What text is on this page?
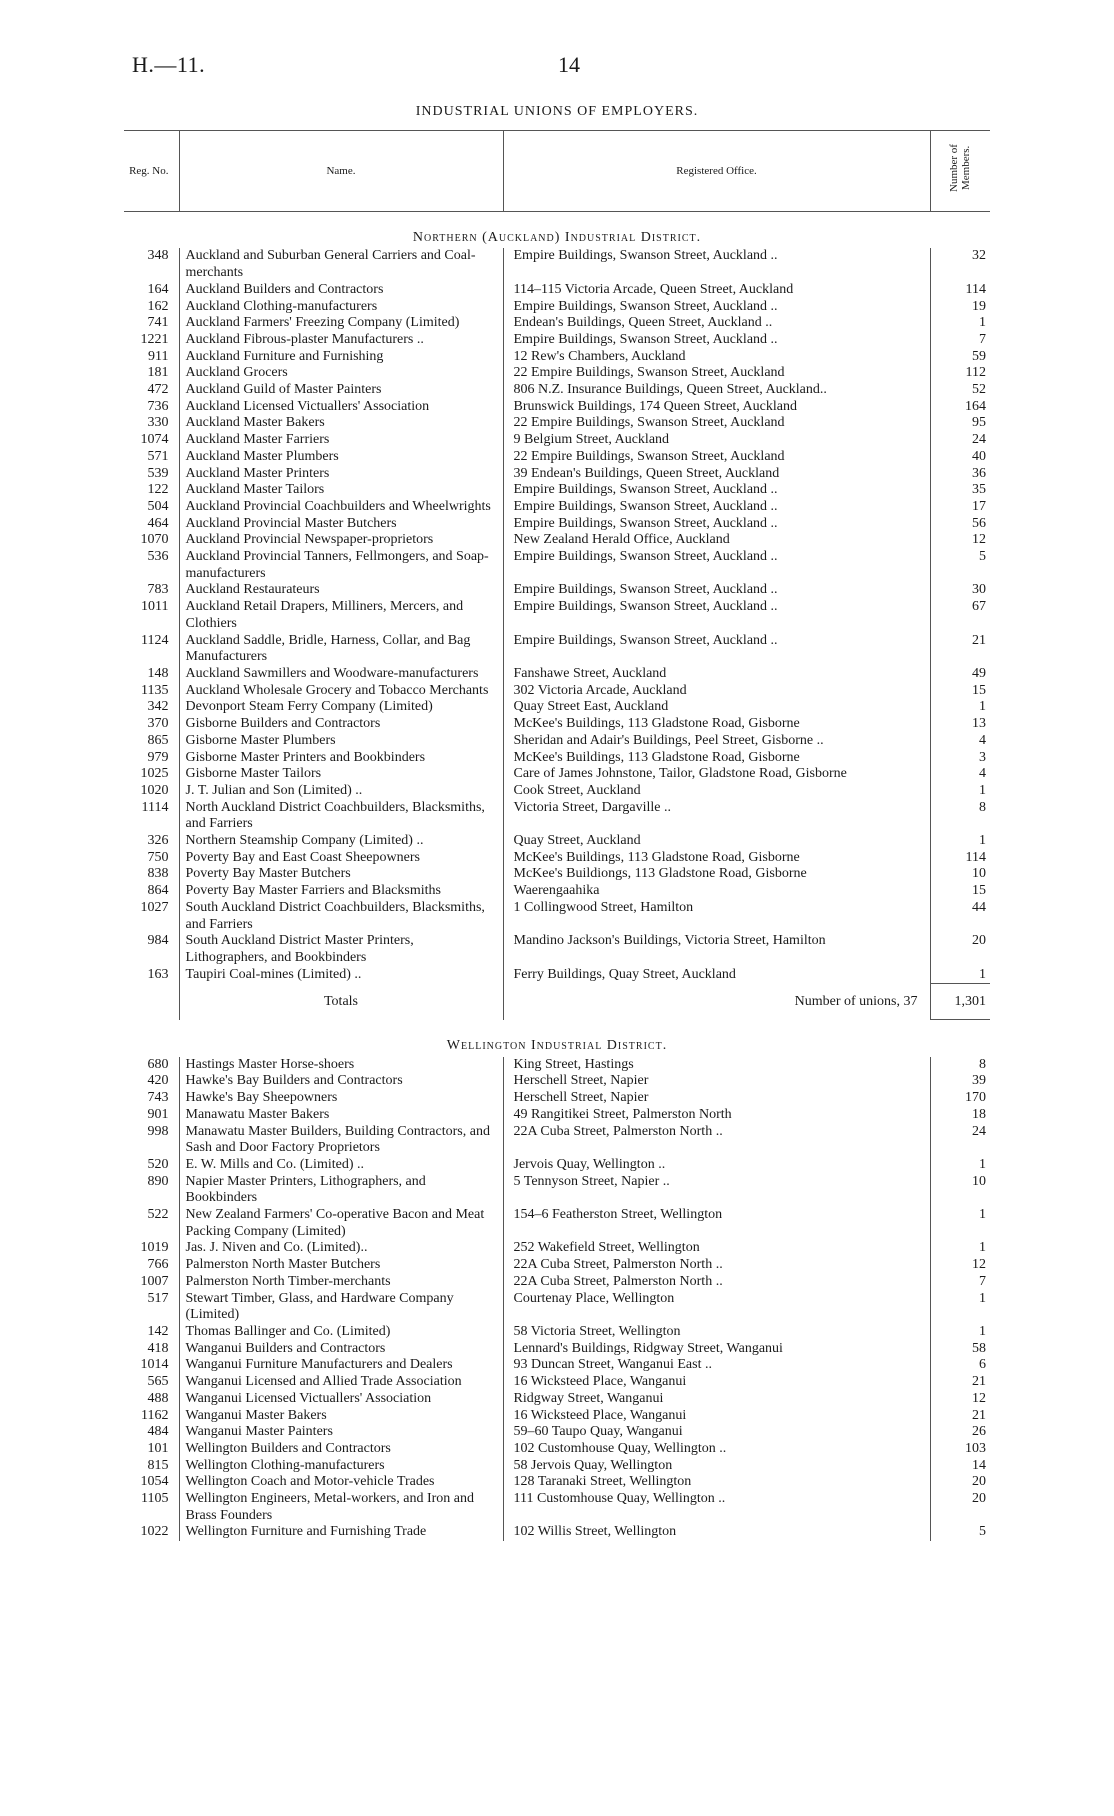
H.—11.	14
INDUSTRIAL UNIONS OF EMPLOYERS.
Reg. No.	Name.	Registered Office.	Number of Members.
Northern (Auckland) Industrial District.			
348	Auckland and Suburban General Carriers and Coal-merchants	Empire Buildings, Swanson Street, Auckland ..	32
164	Auckland Builders and Contractors	114–115 Victoria Arcade, Queen Street, Auckland	114
162	Auckland Clothing-manufacturers	Empire Buildings, Swanson Street, Auckland ..	19
741	Auckland Farmers' Freezing Company (Limited)	Endean's Buildings, Queen Street, Auckland ..	1
1221	Auckland Fibrous-plaster Manufacturers ..	Empire Buildings, Swanson Street, Auckland ..	7
911	Auckland Furniture and Furnishing	12 Rew's Chambers, Auckland	59
181	Auckland Grocers	22 Empire Buildings, Swanson Street, Auckland	112
472	Auckland Guild of Master Painters	806 N.Z. Insurance Buildings, Queen Street, Auckland..	52
736	Auckland Licensed Victuallers' Association	Brunswick Buildings, 174 Queen Street, Auckland	164
330	Auckland Master Bakers	22 Empire Buildings, Swanson Street, Auckland	95
1074	Auckland Master Farriers	9 Belgium Street, Auckland	24
571	Auckland Master Plumbers	22 Empire Buildings, Swanson Street, Auckland	40
539	Auckland Master Printers	39 Endean's Buildings, Queen Street, Auckland	36
122	Auckland Master Tailors	Empire Buildings, Swanson Street, Auckland ..	35
504	Auckland Provincial Coachbuilders and Wheelwrights	Empire Buildings, Swanson Street, Auckland ..	17
464	Auckland Provincial Master Butchers	Empire Buildings, Swanson Street, Auckland ..	56
1070	Auckland Provincial Newspaper-proprietors	New Zealand Herald Office, Auckland	12
536	Auckland Provincial Tanners, Fellmongers, and Soap-manufacturers	Empire Buildings, Swanson Street, Auckland ..	5
783	Auckland Restaurateurs	Empire Buildings, Swanson Street, Auckland ..	30
1011	Auckland Retail Drapers, Milliners, Mercers, and Clothiers	Empire Buildings, Swanson Street, Auckland ..	67
1124	Auckland Saddle, Bridle, Harness, Collar, and Bag Manufacturers	Empire Buildings, Swanson Street, Auckland ..	21
148	Auckland Sawmillers and Woodware-manufacturers	Fanshawe Street, Auckland	49
1135	Auckland Wholesale Grocery and Tobacco Merchants	302 Victoria Arcade, Auckland	15
342	Devonport Steam Ferry Company (Limited)	Quay Street East, Auckland	1
370	Gisborne Builders and Contractors	McKee's Buildings, 113 Gladstone Road, Gisborne	13
865	Gisborne Master Plumbers	Sheridan and Adair's Buildings, Peel Street, Gisborne ..	4
979	Gisborne Master Printers and Bookbinders	McKee's Buildings, 113 Gladstone Road, Gisborne	3
1025	Gisborne Master Tailors	Care of James Johnstone, Tailor, Gladstone Road, Gisborne	4
1020	J. T. Julian and Son (Limited) ..	Cook Street, Auckland	1
1114	North Auckland District Coachbuilders, Blacksmiths, and Farriers	Victoria Street, Dargaville ..	8
326	Northern Steamship Company (Limited) ..	Quay Street, Auckland	1
750	Poverty Bay and East Coast Sheepowners	McKee's Buildings, 113 Gladstone Road, Gisborne	114
838	Poverty Bay Master Butchers	McKee's Buildiongs, 113 Gladstone Road, Gisborne	10
864	Poverty Bay Master Farriers and Blacksmiths	Waerengaahika	15
1027	South Auckland District Coachbuilders, Blacksmiths, and Farriers	1 Collingwood Street, Hamilton	44
984	South Auckland District Master Printers, Lithographers, and Bookbinders	Mandino Jackson's Buildings, Victoria Street, Hamilton	20
163	Taupiri Coal-mines (Limited) ..	Ferry Buildings, Quay Street, Auckland	1
	Totals	Number of unions, 37	1,301
Wellington Industrial District.			
680	Hastings Master Horse-shoers	King Street, Hastings	8
420	Hawke's Bay Builders and Contractors	Herschell Street, Napier	39
743	Hawke's Bay Sheepowners	Herschell Street, Napier	170
901	Manawatu Master Bakers	49 Rangitikei Street, Palmerston North	18
998	Manawatu Master Builders, Building Contractors, and Sash and Door Factory Proprietors	22A Cuba Street, Palmerston North ..	24
520	E. W. Mills and Co. (Limited) ..	Jervois Quay, Wellington ..	1
890	Napier Master Printers, Lithographers, and Bookbinders	5 Tennyson Street, Napier ..	10
522	New Zealand Farmers' Co-operative Bacon and Meat Packing Company (Limited)	154–6 Featherston Street, Wellington	1
1019	Jas. J. Niven and Co. (Limited)..	252 Wakefield Street, Wellington	1
766	Palmerston North Master Butchers	22A Cuba Street, Palmerston North ..	12
1007	Palmerston North Timber-merchants	22A Cuba Street, Palmerston North ..	7
517	Stewart Timber, Glass, and Hardware Company (Limited)	Courtenay Place, Wellington	1
142	Thomas Ballinger and Co. (Limited)	58 Victoria Street, Wellington	1
418	Wanganui Builders and Contractors	Lennard's Buildings, Ridgway Street, Wanganui	58
1014	Wanganui Furniture Manufacturers and Dealers	93 Duncan Street, Wanganui East ..	6
565	Wanganui Licensed and Allied Trade Association	16 Wicksteed Place, Wanganui	21
488	Wanganui Licensed Victuallers' Association	Ridgway Street, Wanganui	12
1162	Wanganui Master Bakers	16 Wicksteed Place, Wanganui	21
484	Wanganui Master Painters	59–60 Taupo Quay, Wanganui	26
101	Wellington Builders and Contractors	102 Customhouse Quay, Wellington ..	103
815	Wellington Clothing-manufacturers	58 Jervois Quay, Wellington	14
1054	Wellington Coach and Motor-vehicle Trades	128 Taranaki Street, Wellington	20
1105	Wellington Engineers, Metal-workers, and Iron and Brass Founders	111 Customhouse Quay, Wellington ..	20
1022	Wellington Furniture and Furnishing Trade	102 Willis Street, Wellington	5
